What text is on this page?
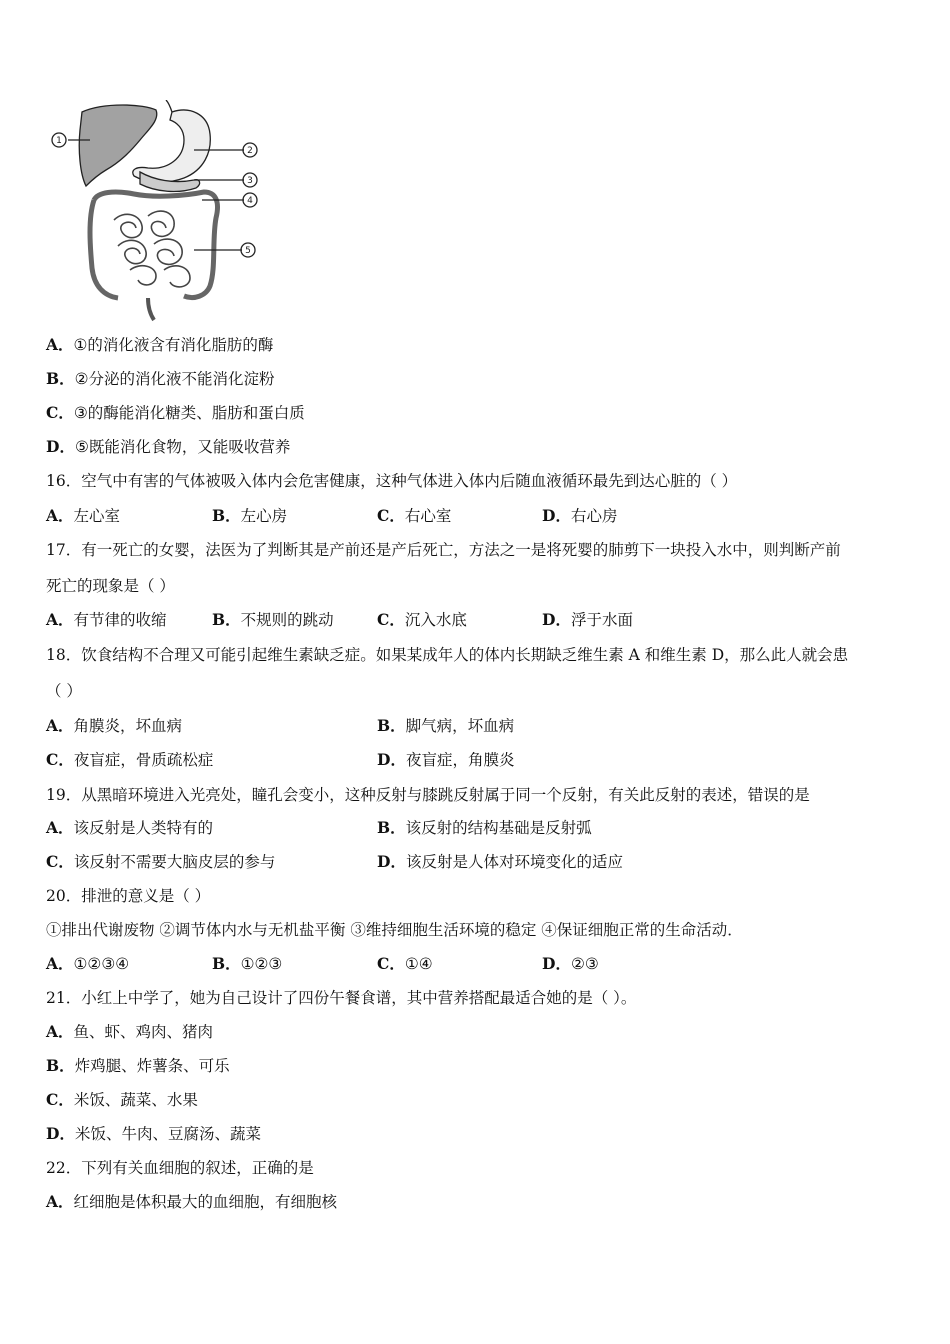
1
2
3
4
5
A．①的消化液含有消化脂肪的酶
B．②分泌的消化液不能消化淀粉
C．③的酶能消化糖类、脂肪和蛋白质
D．⑤既能消化食物，又能吸收营养
16．空气中有害的气体被吸入体内会危害健康，这种气体进入体内后随血液循环最先到达心脏的（ ）
A．左心室	B．左心房	C．右心室	D．右心房
17．有一死亡的女婴，法医为了判断其是产前还是产后死亡，方法之一是将死婴的肺剪下一块投入水中，则判断产前
死亡的现象是（ ）
A．有节律的收缩	B．不规则的跳动	C．沉入水底	D．浮于水面
18．饮食结构不合理又可能引起维生素缺乏症。如果某成年人的体内长期缺乏维生素 A 和维生素 D，那么此人就会患
（ ）
A．角膜炎，坏血病	B．脚气病，坏血病
C．夜盲症，骨质疏松症	D．夜盲症，角膜炎
19．从黑暗环境进入光亮处，瞳孔会变小，这种反射与膝跳反射属于同一个反射，有关此反射的表述，错误的是
A．该反射是人类特有的	B．该反射的结构基础是反射弧
C．该反射不需要大脑皮层的参与	D．该反射是人体对环境变化的适应
20．排泄的意义是（ ）
①排出代谢废物 ②调节体内水与无机盐平衡 ③维持细胞生活环境的稳定 ④保证细胞正常的生命活动．
A．①②③④	B．①②③	C．①④	D．②③
21．小红上中学了，她为自己设计了四份午餐食谱，其中营养搭配最适合她的是（ ）。
A．鱼、虾、鸡肉、猪肉
B．炸鸡腿、炸薯条、可乐
C．米饭、蔬菜、水果
D．米饭、牛肉、豆腐汤、蔬菜
22．下列有关血细胞的叙述，正确的是
A．红细胞是体积最大的血细胞，有细胞核
